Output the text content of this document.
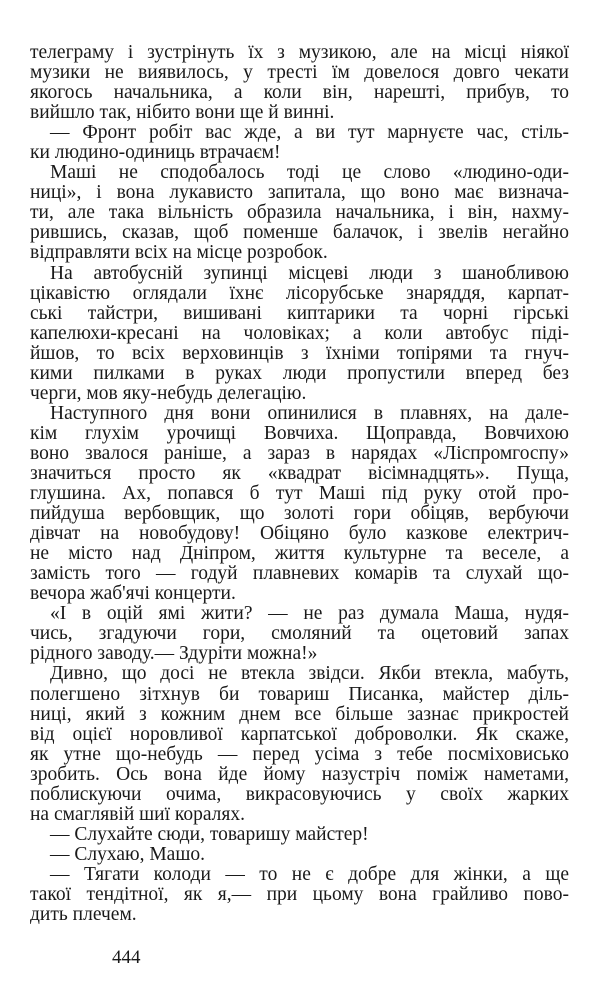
телеграму і зустрінуть їх з музикою, але на місці ніякої
музики не виявилось, у тресті їм довелося довго чекати
якогось начальника, а коли він, нарешті, прибув, то
вийшло так, нібито вони ще й винні.
— Фронт робіт вас жде, а ви тут марнуєте час, стіль-
ки людино-одиниць втрачаєм!
Маші не сподобалось тоді це слово «людино-оди-
ниці», і вона лукависто запитала, що воно має визнача-
ти, але така вільність образила начальника, і він, нахму-
рившись, сказав, щоб поменше балачок, і звелів негайно
відправляти всіх на місце розробок.
На автобусній зупинці місцеві люди з шанобливою
цікавістю оглядали їхнє лісорубське знаряддя, карпат-
ські тайстри, вишивані киптарики та чорні гірські
капелюхи-кресані на чоловіках; а коли автобус піді-
йшов, то всіх верховинців з їхніми топірями та гнуч-
кими пилками в руках люди пропустили вперед без
черги, мов яку-небудь делегацію.
Наступного дня вони опинилися в плавнях, на дале-
кім глухім урочищі Вовчиха. Щоправда, Вовчихою
воно звалося раніше, а зараз в нарядах «Ліспромгоспу»
значиться просто як «квадрат вісімнадцять». Пуща,
глушина. Ах, попався б тут Маші під руку отой про-
пийдуша вербовщик, що золоті гори обіцяв, вербуючи
дівчат на новобудову! Обіцяно було казкове електрич-
не місто над Дніпром, життя культурне та веселе, а
замість того — годуй плавневих комарів та слухай що-
вечора жаб'ячі концерти.
«І в оцій ямі жити? — не раз думала Маша, нудя-
чись, згадуючи гори, смоляний та оцетовий запах
рідного заводу.— Здуріти можна!»
Дивно, що досі не втекла звідси. Якби втекла, мабуть,
полегшено зітхнув би товариш Писанка, майстер діль-
ниці, який з кожним днем все більше зазнає прикростей
від оцієї норовливої карпатської добровoлки. Як скаже,
як утне що-небудь — перед усіма з тебе посміховисько
зробить. Ось вона йде йому назустріч поміж наметами,
поблискуючи очима, викрасовуючись у своїх жарких
на смаглявій шиї коралях.
— Слухайте сюди, товаришу майстер!
— Слухаю, Машо.
— Тягати колоди — то не є добре для жінки, а ще
такої тендітної, як я,— при цьому вона грайливо пово-
дить плечем.
444
